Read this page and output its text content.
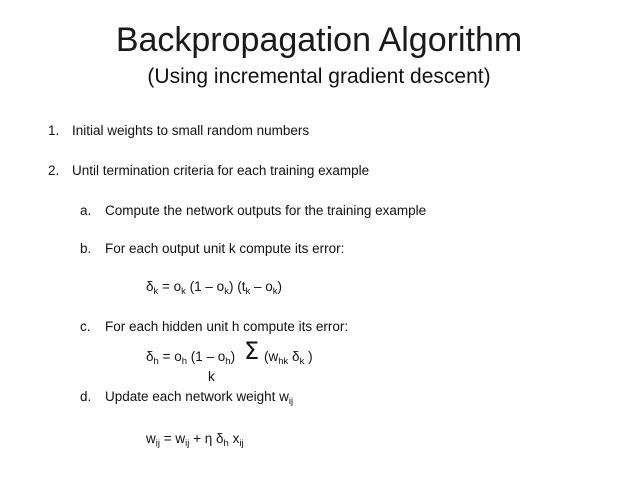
Backpropagation Algorithm
(Using incremental gradient descent)
1. Initial weights to small random numbers
2. Until termination criteria for each training example
a. Compute the network outputs for the training example
b. For each output unit k compute its error:
$\delta_k = o_k$ $(1 - o_k)$ $(t_k - o_k)$
c. For each hidden unit h compute its error:
$\delta_h = o_h$ $(1 - o_h)$ Σ
k
($w_{hk}$ $\delta_k$ )
d. Update each network weight $w_{ij}$
$w_{ij} = w_{ij} + \eta$ $\delta_h$ $x_{ij}$
